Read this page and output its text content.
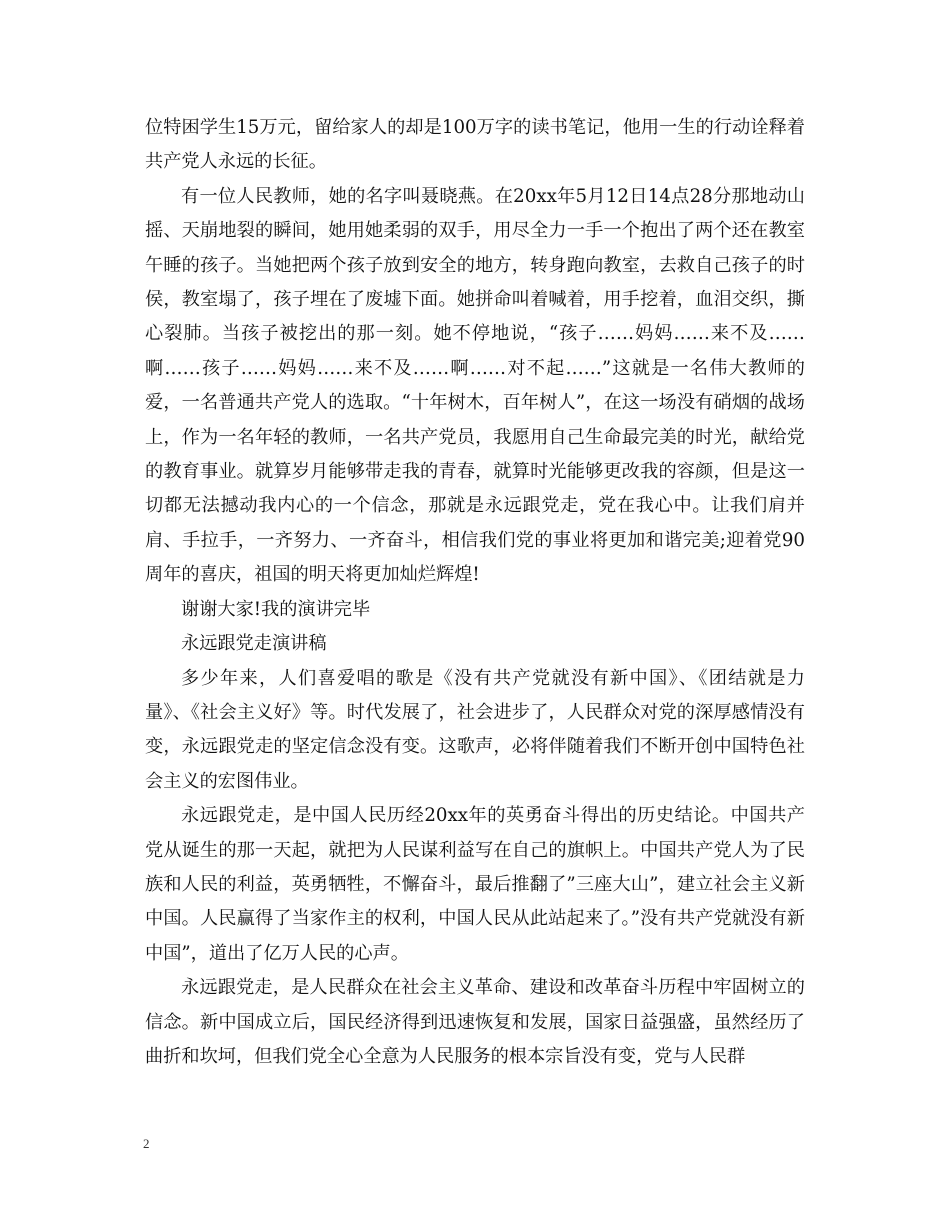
位特困学生15万元，留给家人的却是100万字的读书笔记，他用一生的行动诠释着共产党人永远的长征。

有一位人民教师，她的名字叫聂晓燕。在20xx年5月12日14点28分那地动山摇、天崩地裂的瞬间，她用她柔弱的双手，用尽全力一手一个抱出了两个还在教室午睡的孩子。当她把两个孩子放到安全的地方，转身跑向教室，去救自己孩子的时侯，教室塌了，孩子埋在了废墟下面。她拼命叫着喊着，用手挖着，血泪交织，撕心裂肺。当孩子被挖出的那一刻。她不停地说，“孩子……妈妈……来不及……啊……孩子……妈妈……来不及……啊……对不起……”这就是一名伟大教师的爱，一名普通共产党人的选取。“十年树木，百年树人”，在这一场没有硝烟的战场上，作为一名年轻的教师，一名共产党员，我愿用自己生命最完美的时光，献给党的教育事业。就算岁月能够带走我的青春，就算时光能够更改我的容颜，但是这一切都无法撼动我内心的一个信念，那就是永远跟党走，党在我心中。让我们肩并肩、手拉手，一齐努力、一齐奋斗，相信我们党的事业将更加和谐完美;迎着党90周年的喜庆，祖国的明天将更加灿烂辉煌!

谢谢大家!我的演讲完毕

永远跟党走演讲稿

多少年来，人们喜爱唱的歌是《没有共产党就没有新中国》、《团结就是力量》、《社会主义好》等。时代发展了，社会进步了，人民群众对党的深厚感情没有变，永远跟党走的坚定信念没有变。这歌声，必将伴随着我们不断开创中国特色社会主义的宏图伟业。

永远跟党走，是中国人民历经20xx年的英勇奋斗得出的历史结论。中国共产党从诞生的那一天起，就把为人民谋利益写在自己的旗帜上。中国共产党人为了民族和人民的利益，英勇牺牲，不懈奋斗，最后推翻了”三座大山”，建立社会主义新中国。人民赢得了当家作主的权利，中国人民从此站起来了。”没有共产党就没有新中国”，道出了亿万人民的心声。

永远跟党走，是人民群众在社会主义革命、建设和改革奋斗历程中牢固树立的信念。新中国成立后，国民经济得到迅速恢复和发展，国家日益强盛，虽然经历了曲折和坎坷，但我们党全心全意为人民服务的根本宗旨没有变，党与人民群

2
